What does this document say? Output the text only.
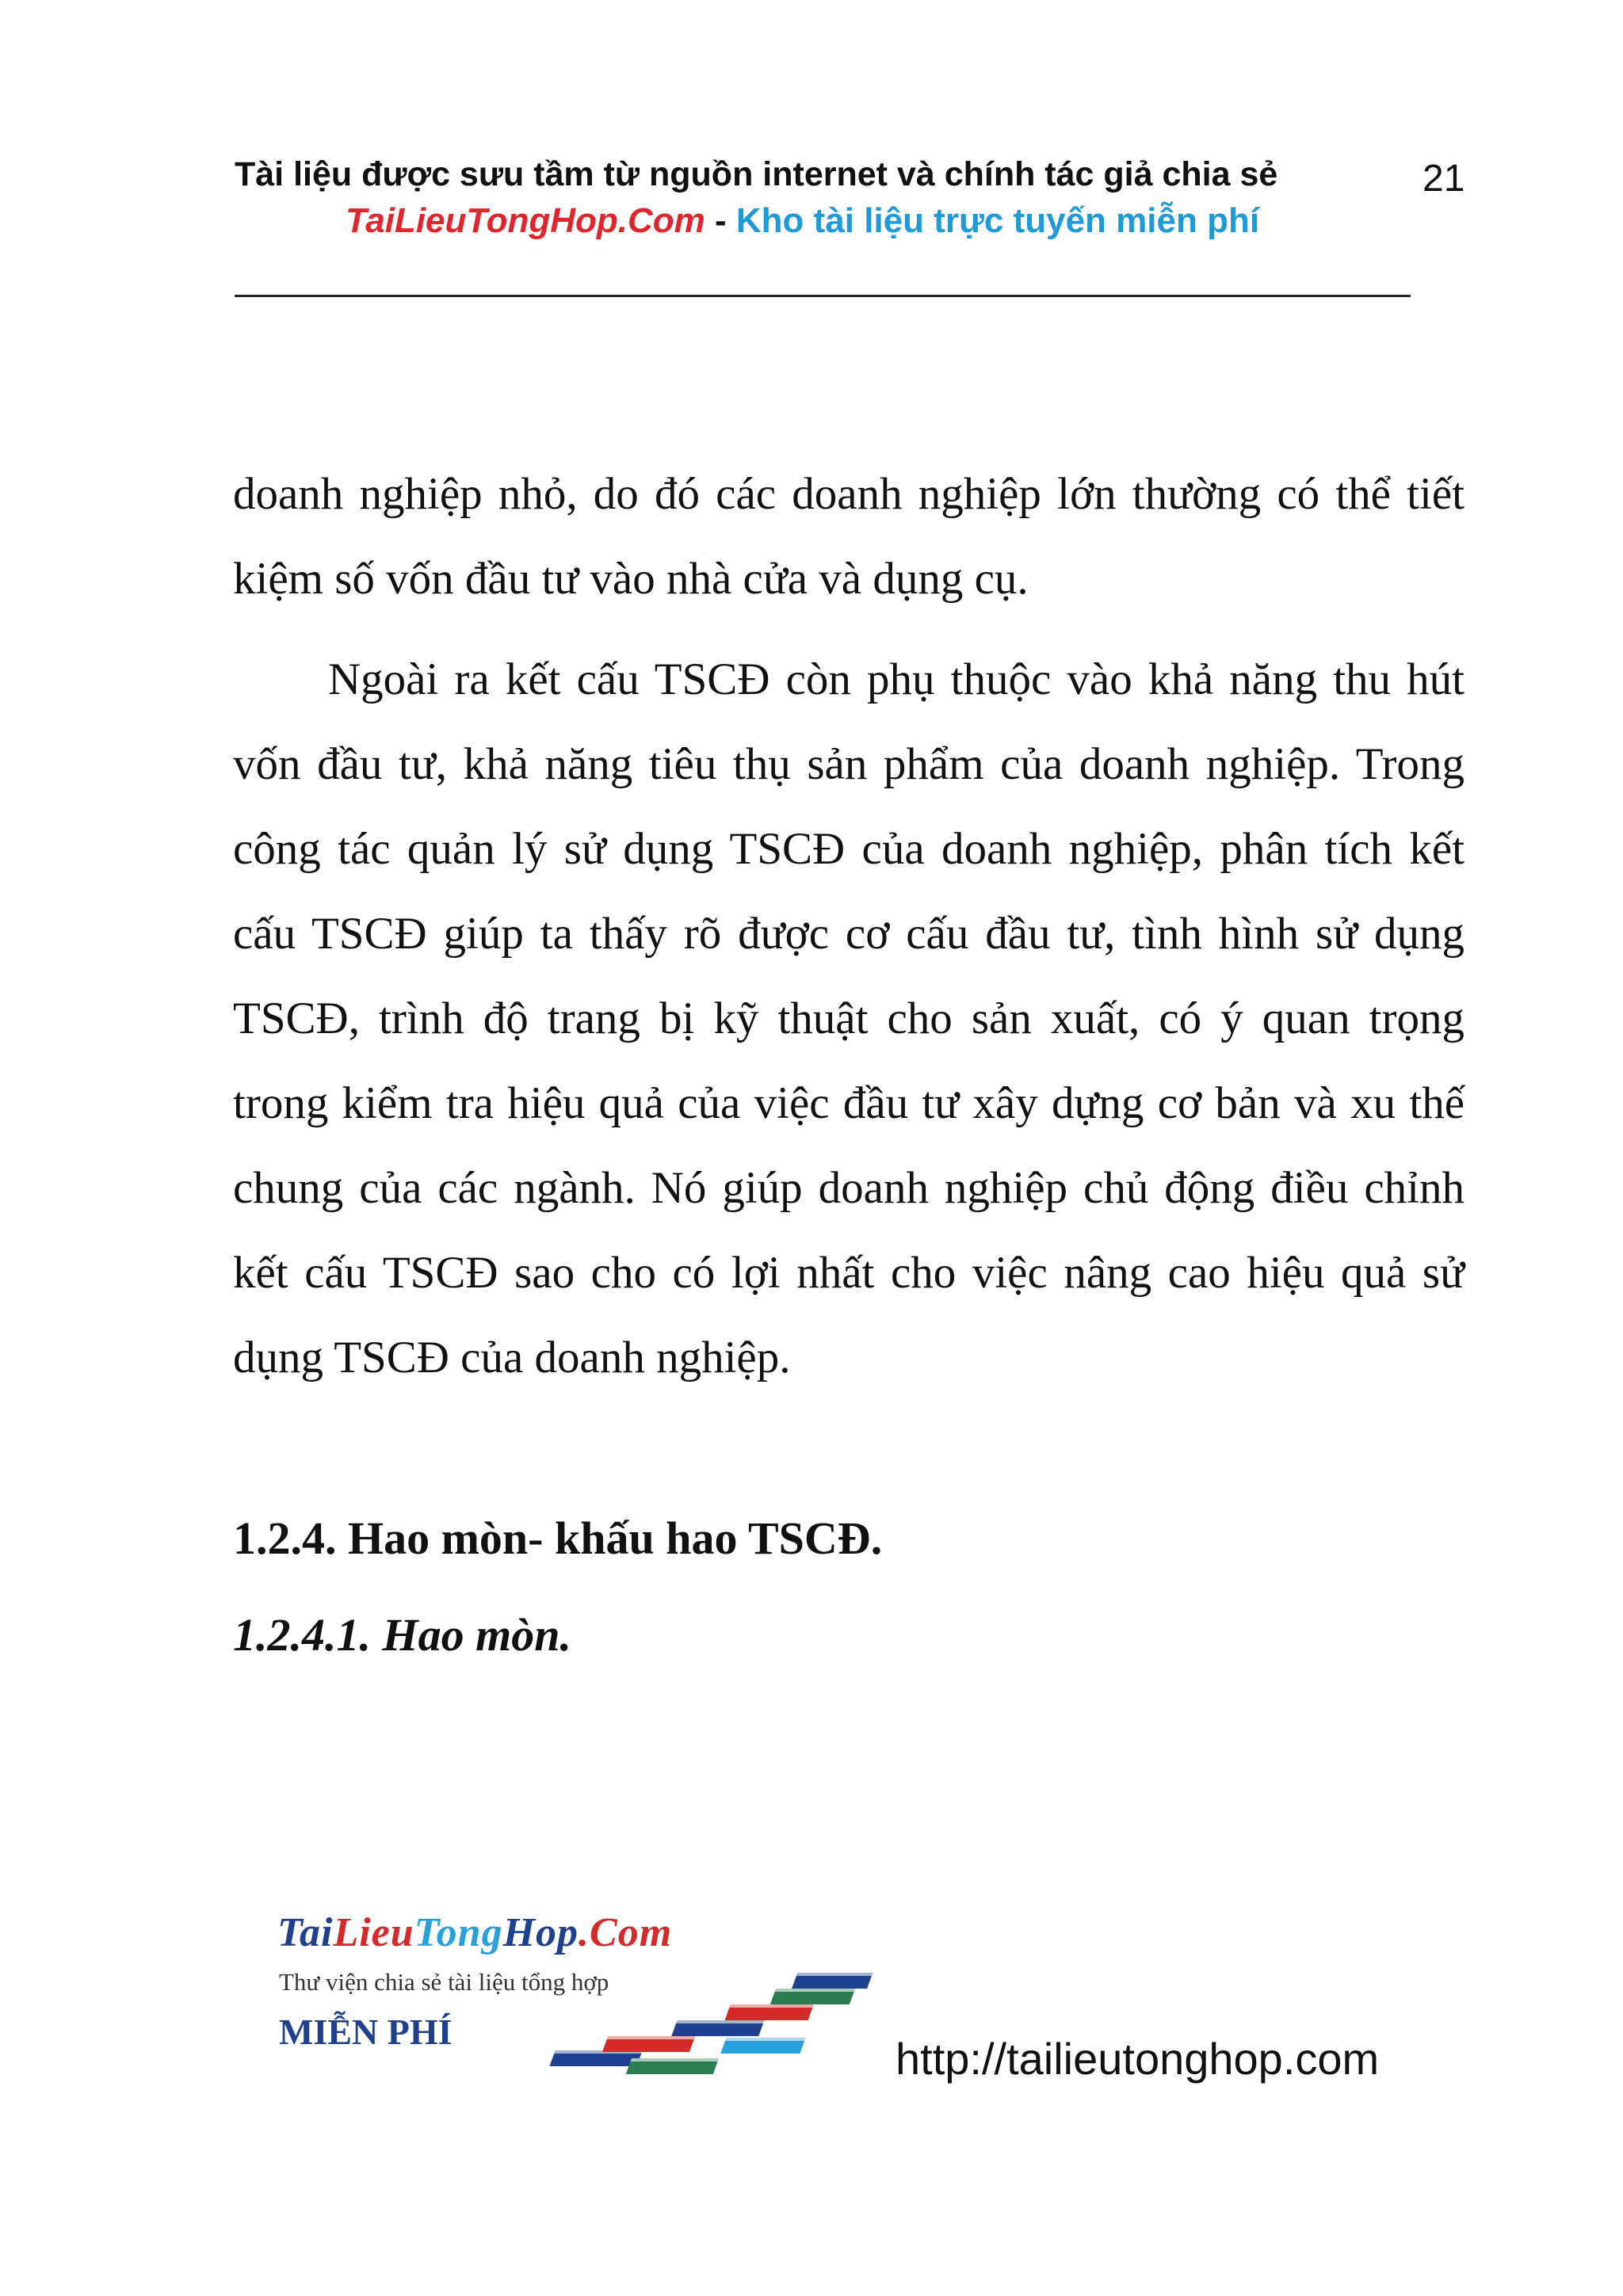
Tài liệu được sưu tầm từ nguồn internet và chính tác giả chia sẻ	21
TaiLieuTongHop.Com - Kho tài liệu trực tuyến miễn phí

doanh nghiệp nhỏ, do đó các doanh nghiệp lớn thường có thể tiết kiệm số vốn đầu tư vào nhà cửa và dụng cụ.

Ngoài ra kết cấu TSCĐ còn phụ thuộc vào khả năng thu hút vốn đầu tư, khả năng tiêu thụ sản phẩm của doanh nghiệp. Trong công tác quản lý sử dụng TSCĐ của doanh nghiệp, phân tích kết cấu TSCĐ giúp ta thấy rõ được cơ cấu đầu tư, tình hình sử dụng TSCĐ, trình độ trang bị kỹ thuật cho sản xuất, có ý quan trọng trong kiểm tra hiệu quả của việc đầu tư xây dựng cơ bản và xu thế chung của các ngành. Nó giúp doanh nghiệp chủ động điều chỉnh kết cấu TSCĐ sao cho có lợi nhất cho việc nâng cao hiệu quả sử dụng TSCĐ của doanh nghiệp.

1.2.4. Hao mòn- khấu hao TSCĐ.
1.2.4.1. Hao mòn.
TaiLieuTongHop.Com
Thư viện chia sẻ tài liệu tổng hợp
MIỄN PHÍ
http://tailieutonghop.com
